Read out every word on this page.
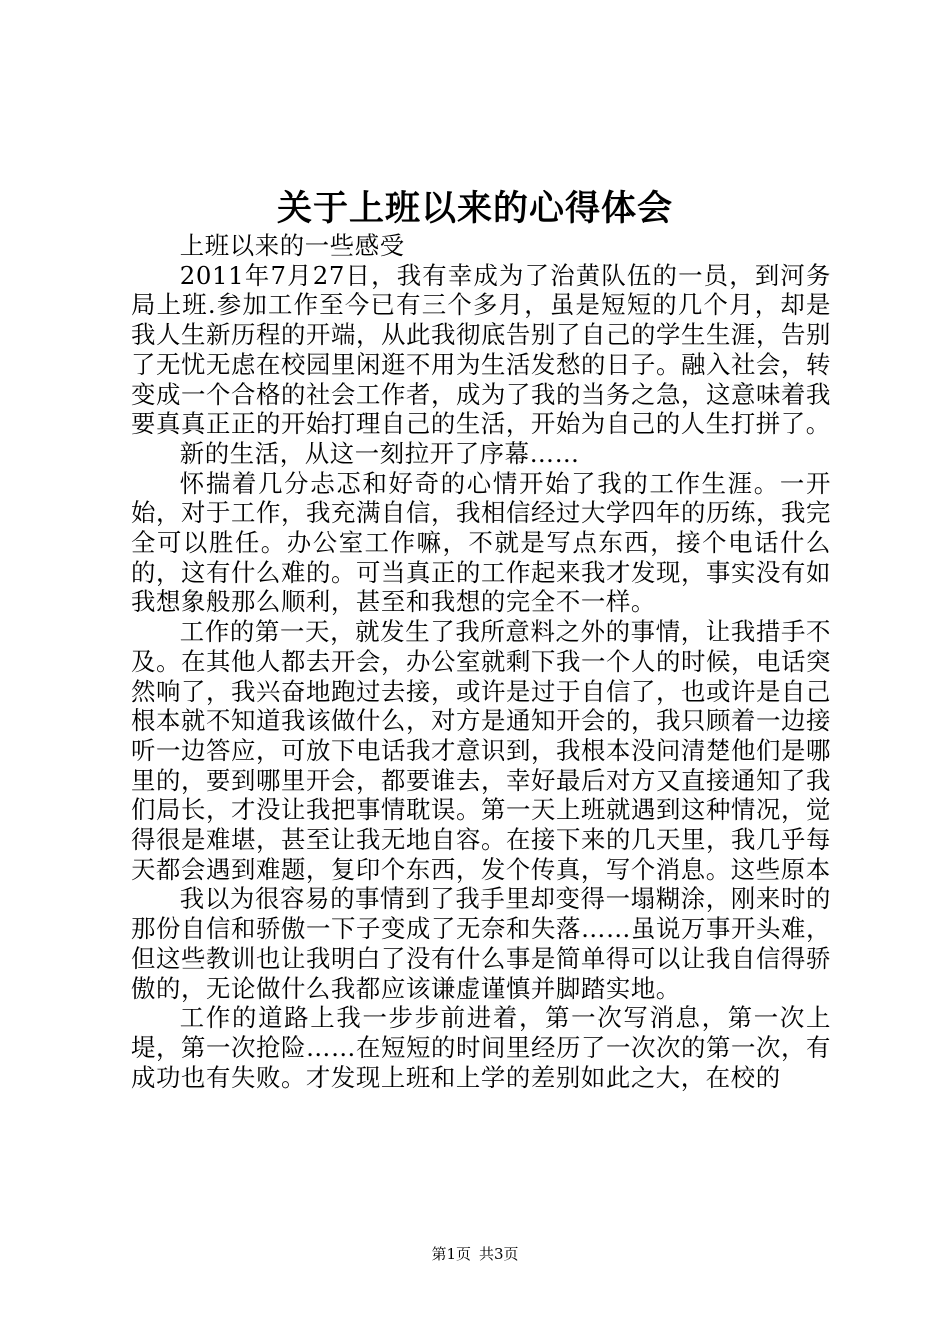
关于上班以来的心得体会

上班以来的一些感受

2011年7月27日，我有幸成为了治黄队伍的一员，到河务局上班.参加工作至今已有三个多月，虽是短短的几个月，却是我人生新历程的开端，从此我彻底告别了自己的学生生涯，告别了无忧无虑在校园里闲逛不用为生活发愁的日子。融入社会，转变成一个合格的社会工作者，成为了我的当务之急，这意味着我要真真正正的开始打理自己的生活，开始为自己的人生打拼了。

新的生活，从这一刻拉开了序幕……

怀揣着几分忐忑和好奇的心情开始了我的工作生涯。一开始，对于工作，我充满自信，我相信经过大学四年的历练，我完全可以胜任。办公室工作嘛，不就是写点东西，接个电话什么的，这有什么难的。可当真正的工作起来我才发现，事实没有如我想象般那么顺利，甚至和我想的完全不一样。

工作的第一天，就发生了我所意料之外的事情，让我措手不及。在其他人都去开会，办公室就剩下我一个人的时候，电话突然响了，我兴奋地跑过去接，或许是过于自信了，也或许是自己根本就不知道我该做什么，对方是通知开会的，我只顾着一边接听一边答应，可放下电话我才意识到，我根本没问清楚他们是哪里的，要到哪里开会，都要谁去，幸好最后对方又直接通知了我们局长，才没让我把事情耽误。第一天上班就遇到这种情况，觉得很是难堪，甚至让我无地自容。在接下来的几天里，我几乎每天都会遇到难题，复印个东西，发个传真，写个消息。这些原本

我以为很容易的事情到了我手里却变得一塌糊涂，刚来时的那份自信和骄傲一下子变成了无奈和失落……虽说万事开头难，但这些教训也让我明白了没有什么事是简单得可以让我自信得骄傲的，无论做什么我都应该谦虚谨慎并脚踏实地。

工作的道路上我一步步前进着，第一次写消息，第一次上堤，第一次抢险……在短短的时间里经历了一次次的第一次，有成功也有失败。才发现上班和上学的差别如此之大，在校的

第1页 共3页
